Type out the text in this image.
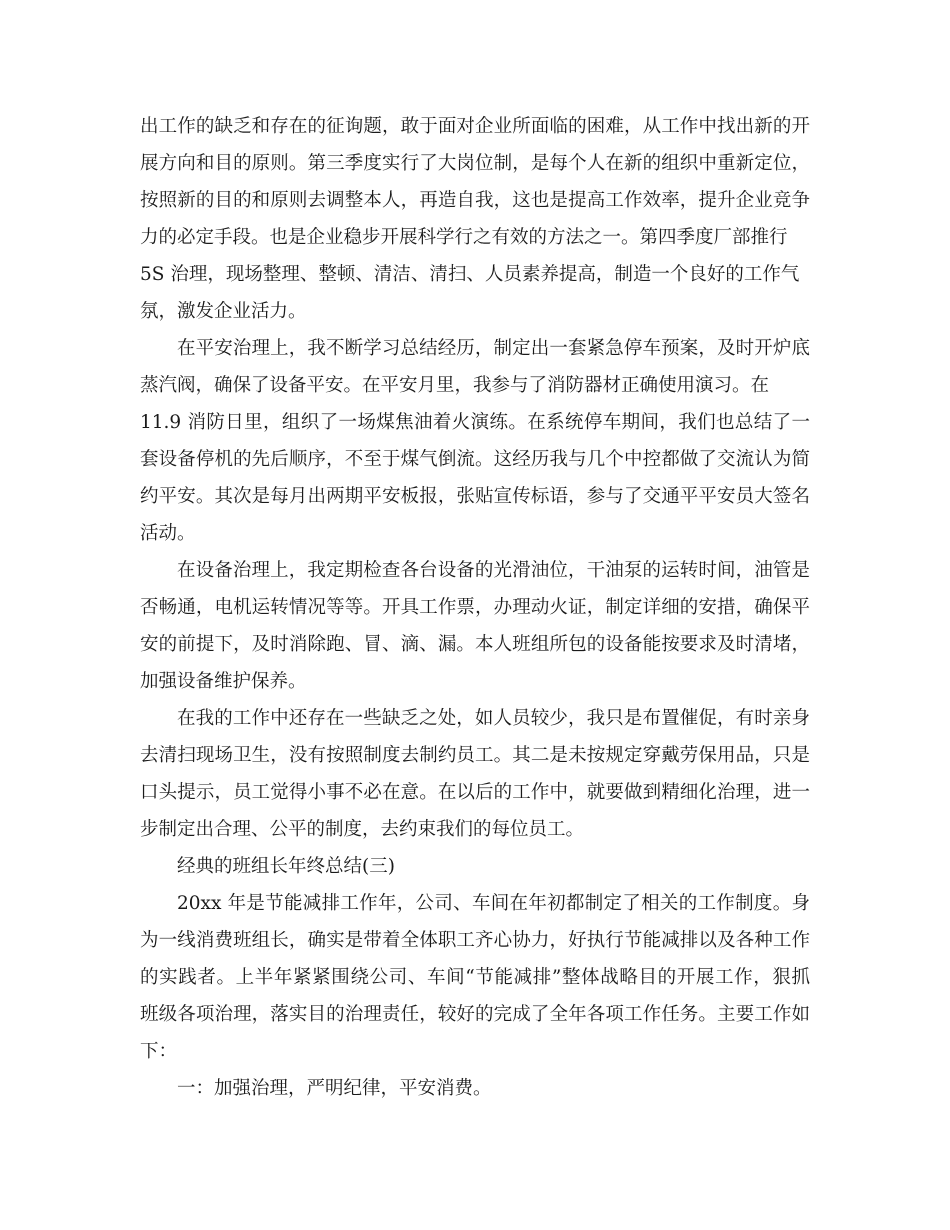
出工作的缺乏和存在的征询题，敢于面对企业所面临的困难，从工作中找出新的开
展方向和目的原则。第三季度实行了大岗位制，是每个人在新的组织中重新定位，
按照新的目的和原则去调整本人，再造自我，这也是提高工作效率，提升企业竞争
力的必定手段。也是企业稳步开展科学行之有效的方法之一。第四季度厂部推行
5S 治理，现场整理、整顿、清洁、清扫、人员素养提高，制造一个良好的工作气
氛，激发企业活力。
在平安治理上，我不断学习总结经历，制定出一套紧急停车预案，及时开炉底
蒸汽阀，确保了设备平安。在平安月里，我参与了消防器材正确使用演习。在
11.9 消防日里，组织了一场煤焦油着火演练。在系统停车期间，我们也总结了一
套设备停机的先后顺序，不至于煤气倒流。这经历我与几个中控都做了交流认为简
约平安。其次是每月出两期平安板报，张贴宣传标语，参与了交通平平安员大签名
活动。
在设备治理上，我定期检查各台设备的光滑油位，干油泵的运转时间，油管是
否畅通，电机运转情况等等。开具工作票，办理动火证，制定详细的安措，确保平
安的前提下，及时消除跑、冒、滴、漏。本人班组所包的设备能按要求及时清堵，
加强设备维护保养。
在我的工作中还存在一些缺乏之处，如人员较少，我只是布置催促，有时亲身
去清扫现场卫生，没有按照制度去制约员工。其二是未按规定穿戴劳保用品，只是
口头提示，员工觉得小事不必在意。在以后的工作中，就要做到精细化治理，进一
步制定出合理、公平的制度，去约束我们的每位员工。
经典的班组长年终总结(三)
20xx 年是节能减排工作年，公司、车间在年初都制定了相关的工作制度。身
为一线消费班组长，确实是带着全体职工齐心协力，好执行节能减排以及各种工作
的实践者。上半年紧紧围绕公司、车间“节能减排”整体战略目的开展工作，狠抓
班级各项治理，落实目的治理责任，较好的完成了全年各项工作任务。主要工作如
下：
一：加强治理，严明纪律，平安消费。
